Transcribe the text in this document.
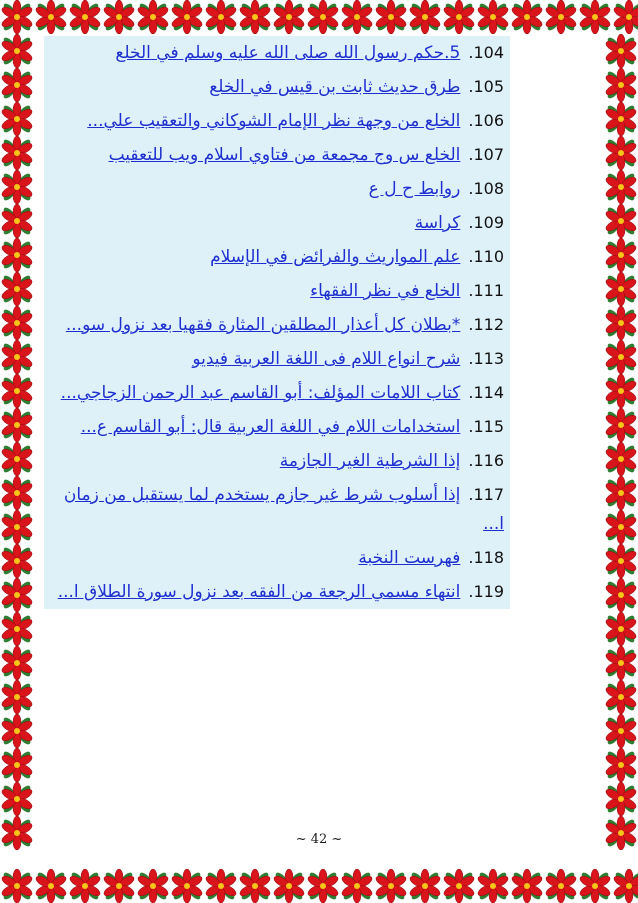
104.5.حكم رسول الله صلى الله عليه وسلم في الخلع
105.طرق حديث ثابت بن قيس في الخلع
106.الخلع من وجهة نظر الإمام الشوكاني والتعقيب علي...
107.الخلع س وج مجمعة من فتاوي اسلام ويب للتعقيب
108.روابط ح ل ع
109.كراسة
110.علم المواريث والفرائض في الإسلام
111.الخلع في نظر الفقهاء
112.*بطلان كل أعذار المطلقين المثارة فقهيا بعد نزول سو...
113.شرح انواع اللام فى اللغة العربية فيديو
114.كتاب اللامات المؤلف: أبو القاسم عبد الرحمن الزجاجي...
115.استخدامات اللام في اللغة العربية قال: أبو القاسم ع...
116.إذا الشرطية الغير الجازمة
117.إذا أسلوب شرط غير جازم يستخدم لما يستقبل من زمان ا...
118.فهرست النخبة
119.انتهاء مسمي الرجعة من الفقه بعد نزول سورة الطلاق ا...
~ 42 ~
